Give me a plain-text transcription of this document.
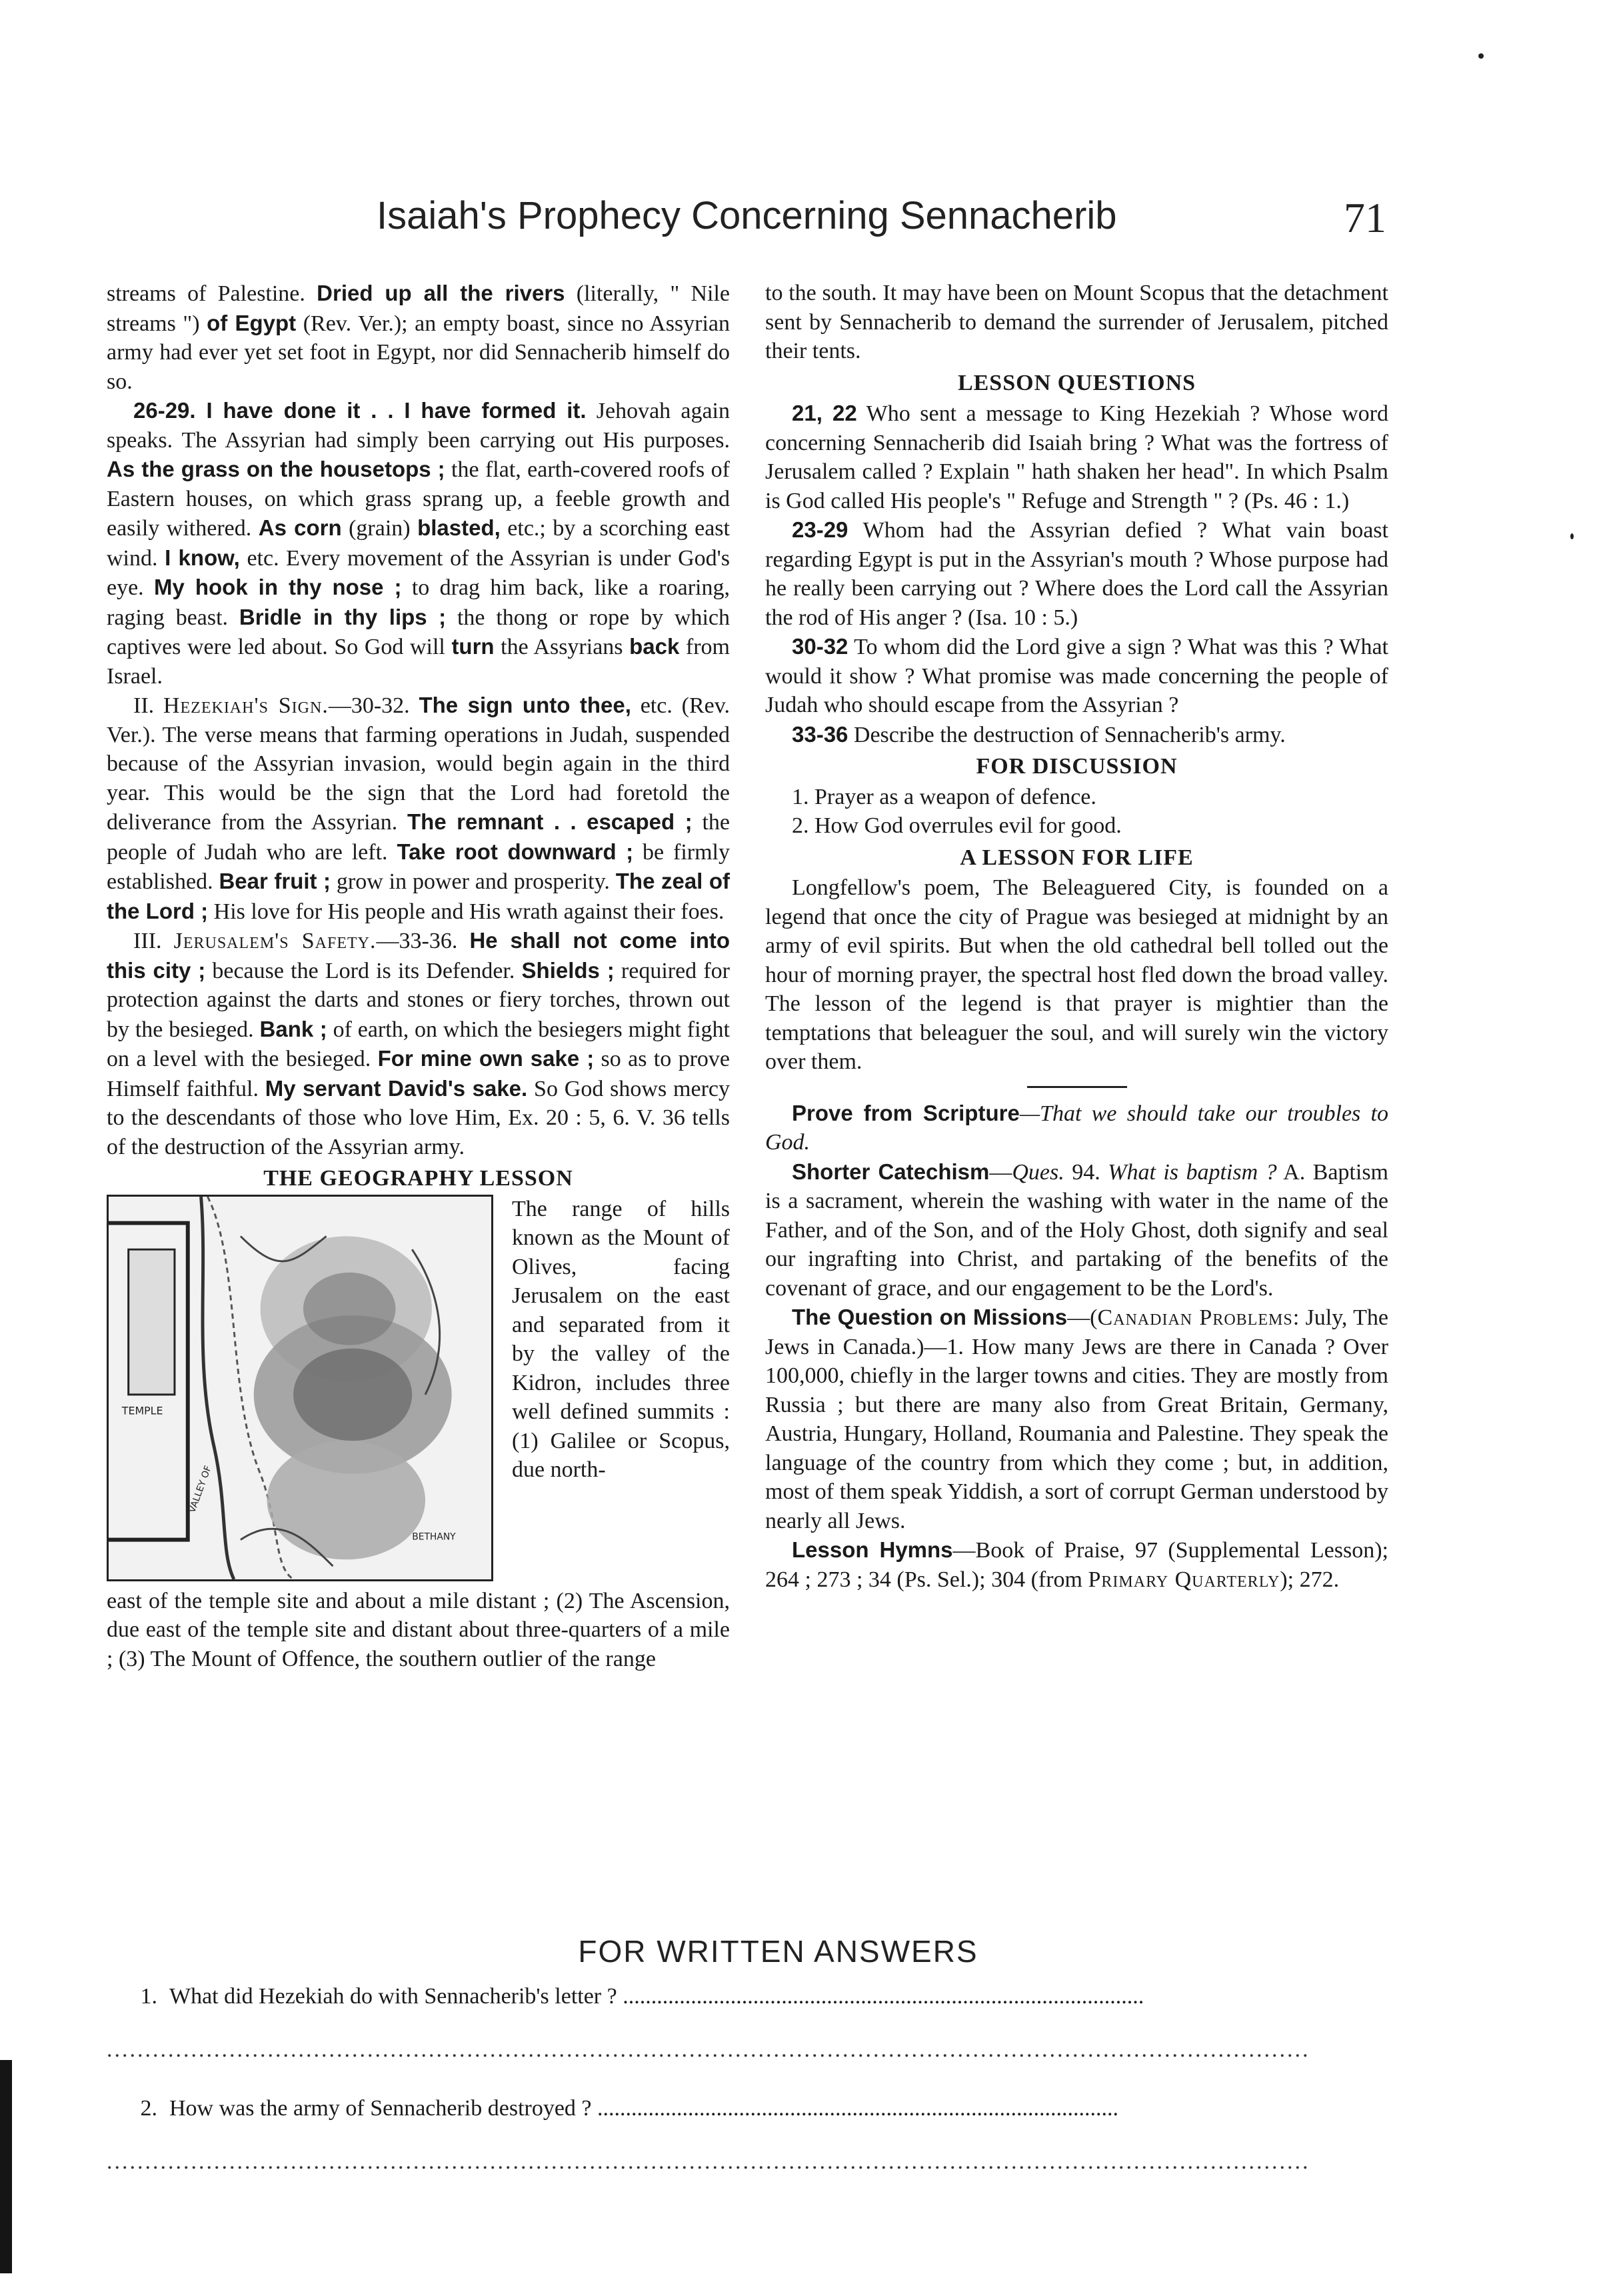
Isaiah's Prophecy Concerning Sennacherib	71

streams of Palestine. Dried up all the rivers (literally, " Nile streams ") of Egypt (Rev. Ver.); an empty boast, since no Assyrian army had ever yet set foot in Egypt, nor did Sennacherib himself do so.

26-29. I have done it . . I have formed it. Jehovah again speaks. The Assyrian had simply been carrying out His purposes. As the grass on the housetops ; the flat, earth-covered roofs of Eastern houses, on which grass sprang up, a feeble growth and easily withered. As corn (grain) blasted, etc.; by a scorching east wind. I know, etc. Every movement of the Assyrian is under God's eye. My hook in thy nose ; to drag him back, like a roaring, raging beast. Bridle in thy lips ; the thong or rope by which captives were led about. So God will turn the Assyrians back from Israel.

II. Hezekiah's Sign.—30-32. The sign unto thee, etc. (Rev. Ver.). The verse means that farming operations in Judah, suspended because of the Assyrian invasion, would begin again in the third year. This would be the sign that the Lord had foretold the deliverance from the Assyrian. The remnant . . escaped ; the people of Judah who are left. Take root downward ; be firmly established. Bear fruit ; grow in power and prosperity. The zeal of the Lord ; His love for His people and His wrath against their foes.

III. Jerusalem's Safety.—33-36. He shall not come into this city ; because the Lord is its Defender. Shields ; required for protection against the darts and stones or fiery torches, thrown out by the besieged. Bank ; of earth, on which the besiegers might fight on a level with the besieged. For mine own sake ; so as to prove Himself faithful. My servant David's sake. So God shows mercy to the descendants of those who love Him, Ex. 20 : 5, 6. V. 36 tells of the destruction of the Assyrian army.

THE GEOGRAPHY LESSON
TEMPLE
BETHANY
VALLEY OF
The range of hills known as the Mount of Olives, facing Jerusalem on the east and separated from it by the valley of the Kidron, includes three well defined summits : (1) Galilee or Scopus, due north-

east of the temple site and about a mile distant ; (2) The Ascension, due east of the temple site and distant about three-quarters of a mile ; (3) The Mount of Offence, the southern outlier of the range

to the south. It may have been on Mount Scopus that the detachment sent by Sennacherib to demand the surrender of Jerusalem, pitched their tents.

LESSON QUESTIONS

21, 22 Who sent a message to King Hezekiah ? Whose word concerning Sennacherib did Isaiah bring ? What was the fortress of Jerusalem called ? Explain " hath shaken her head". In which Psalm is God called His people's " Refuge and Strength " ? (Ps. 46 : 1.)

23-29 Whom had the Assyrian defied ? What vain boast regarding Egypt is put in the Assyrian's mouth ? Whose purpose had he really been carrying out ? Where does the Lord call the Assyrian the rod of His anger ? (Isa. 10 : 5.)

30-32 To whom did the Lord give a sign ? What was this ? What would it show ? What promise was made concerning the people of Judah who should escape from the Assyrian ?

33-36 Describe the destruction of Sennacherib's army.

FOR DISCUSSION

1. Prayer as a weapon of defence.

2. How God overrules evil for good.

A LESSON FOR LIFE

Longfellow's poem, The Beleaguered City, is founded on a legend that once the city of Prague was besieged at midnight by an army of evil spirits. But when the old cathedral bell tolled out the hour of morning prayer, the spectral host fled down the broad valley. The lesson of the legend is that prayer is mightier than the temptations that beleaguer the soul, and will surely win the victory over them.

Prove from Scripture—That we should take our troubles to God.

Shorter Catechism—Ques. 94. What is baptism ? A. Baptism is a sacrament, wherein the washing with water in the name of the Father, and of the Son, and of the Holy Ghost, doth signify and seal our ingrafting into Christ, and partaking of the benefits of the covenant of grace, and our engagement to be the Lord's.

The Question on Missions—(Canadian Problems: July, The Jews in Canada.)—1. How many Jews are there in Canada ? Over 100,000, chiefly in the larger towns and cities. They are mostly from Russia ; but there are many also from Great Britain, Germany, Austria, Hungary, Holland, Roumania and Palestine. They speak the language of the country from which they come ; but, in addition, most of them speak Yiddish, a sort of corrupt German understood by nearly all Jews.

Lesson Hymns—Book of Praise, 97 (Supplemental Lesson); 264 ; 273 ; 34 (Ps. Sel.); 304 (from Primary Quarterly); 272.

FOR WRITTEN ANSWERS
1. What did Hezekiah do with Sennacherib's letter ? ............................................................................................
.............................................................................................................................................................
2. How was the army of Sennacherib destroyed ? ............................................................................................
.............................................................................................................................................................
